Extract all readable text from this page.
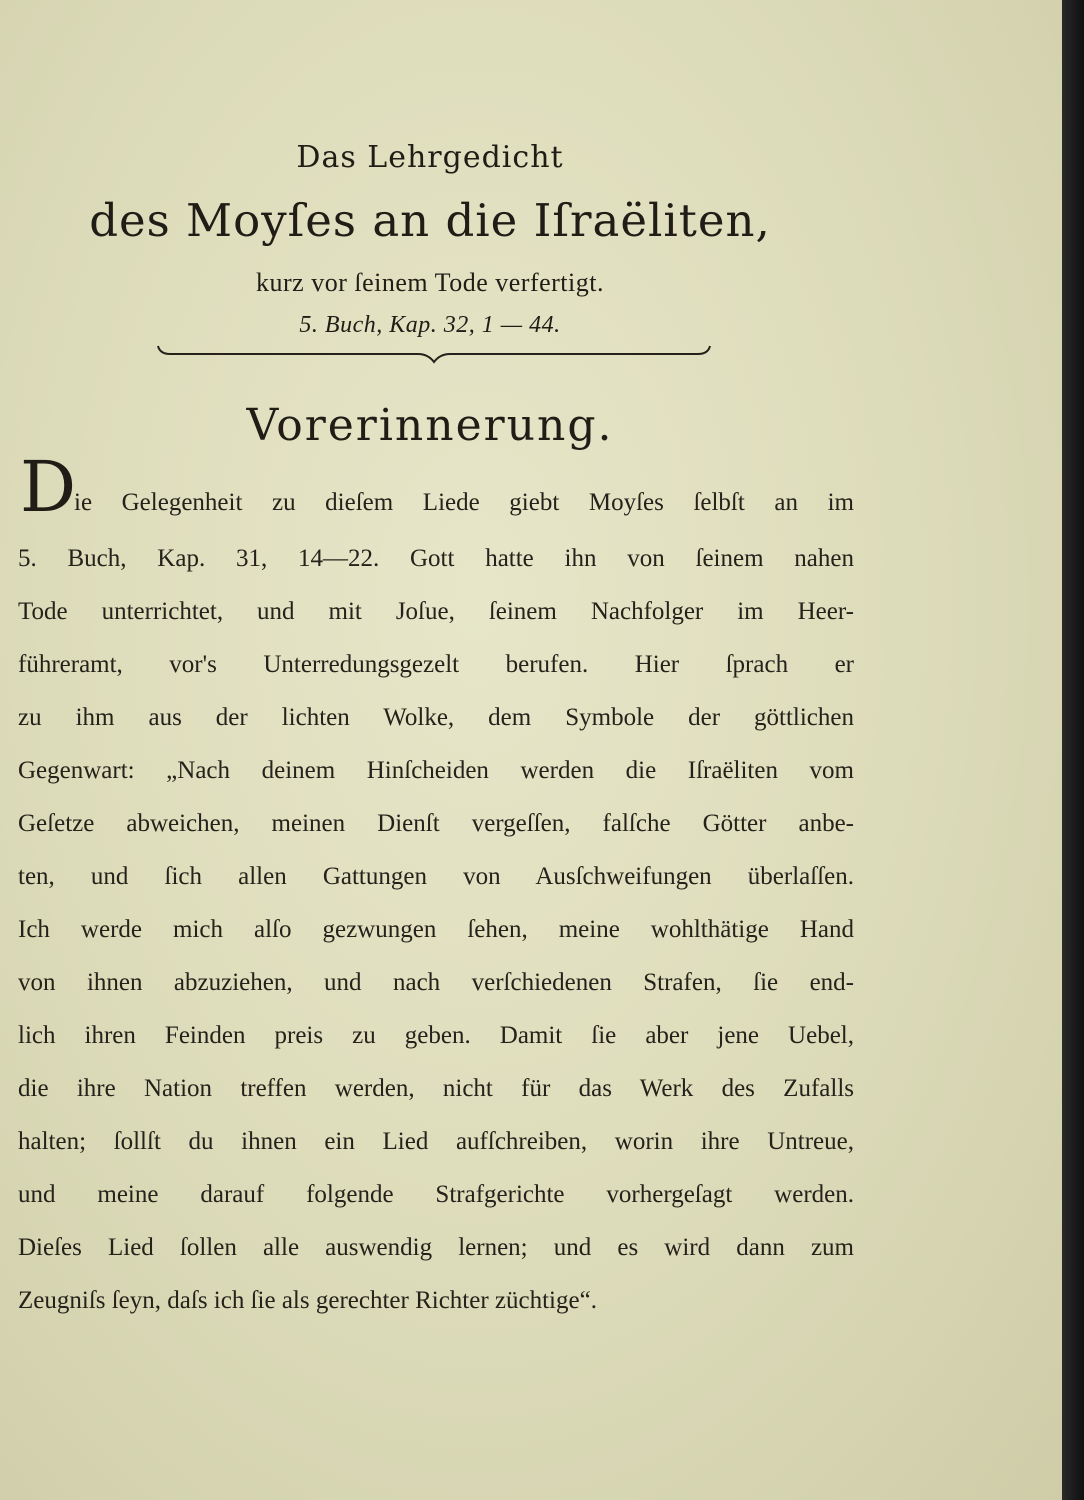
Das Lehrgedicht
des Moyſes an die Iſraëliten,
kurz vor ſeinem Tode verfertigt.
5. Buch, Kap. 32, 1 — 44.
Vorerinnerung.
D
ie Gelegenheit zu dieſem Liede giebt Moyſes ſelbſt an im
5. Buch, Kap. 31, 14—22. Gott hatte ihn von ſeinem nahen
Tode unterrichtet, und mit Joſue, ſeinem Nachfolger im Heer-
führeramt, vor's Unterredungsgezelt berufen. Hier ſprach er
zu ihm aus der lichten Wolke, dem Symbole der göttlichen
Gegenwart: „Nach deinem Hinſcheiden werden die Iſraëliten vom
Geſetze abweichen, meinen Dienſt vergeſſen, falſche Götter anbe-
ten, und ſich allen Gattungen von Ausſchweifungen überlaſſen.
Ich werde mich alſo gezwungen ſehen, meine wohlthätige Hand
von ihnen abzuziehen, und nach verſchiedenen Strafen, ſie end-
lich ihren Feinden preis zu geben. Damit ſie aber jene Uebel,
die ihre Nation treffen werden, nicht für das Werk des Zufalls
halten; ſollſt du ihnen ein Lied aufſchreiben, worin ihre Untreue,
und meine darauf folgende Strafgerichte vorhergeſagt werden.
Dieſes Lied ſollen alle auswendig lernen; und es wird dann zum
Zeugniſs ſeyn, daſs ich ſie als gerechter Richter züchtige“.
